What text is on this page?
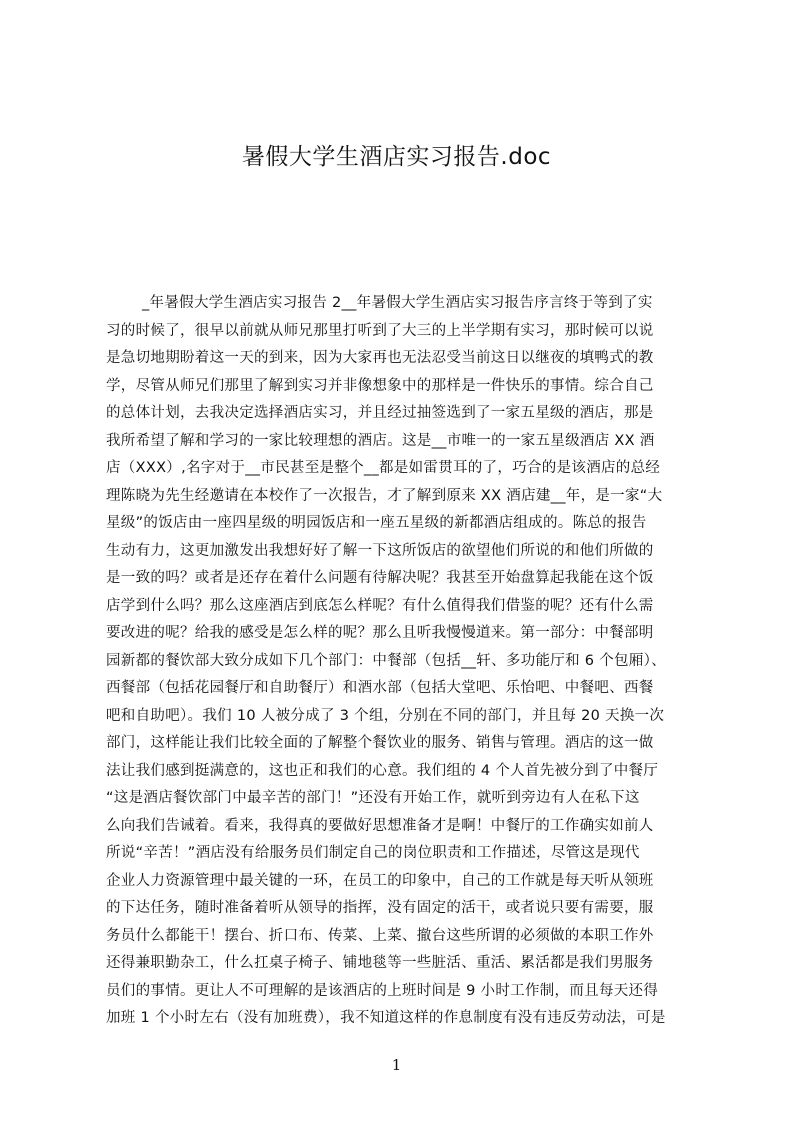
暑假大学生酒店实习报告.doc
_年暑假大学生酒店实习报告 2__年暑假大学生酒店实习报告序言终于等到了实
习的时候了，很早以前就从师兄那里打听到了大三的上半学期有实习，那时候可以说
是急切地期盼着这一天的到来，因为大家再也无法忍受当前这日以继夜的填鸭式的教
学，尽管从师兄们那里了解到实习并非像想象中的那样是一件快乐的事情。综合自己
的总体计划，去我决定选择酒店实习，并且经过抽签选到了一家五星级的酒店，那是
我所希望了解和学习的一家比较理想的酒店。这是__市唯一的一家五星级酒店 XX 酒
店（XXX）,名字对于__市民甚至是整个__都是如雷贯耳的了，巧合的是该酒店的总经
理陈晓为先生经邀请在本校作了一次报告，才了解到原来 XX 酒店建__年，是一家“大
星级”的饭店由一座四星级的明园饭店和一座五星级的新都酒店组成的。陈总的报告
生动有力，这更加激发出我想好好了解一下这所饭店的欲望他们所说的和他们所做的
是一致的吗？或者是还存在着什么问题有待解决呢？我甚至开始盘算起我能在这个饭
店学到什么吗？那么这座酒店到底怎么样呢？有什么值得我们借鉴的呢？还有什么需
要改进的呢？给我的感受是怎么样的呢？那么且听我慢慢道来。第一部分：中餐部明
园新都的餐饮部大致分成如下几个部门：中餐部（包括__轩、多功能厅和 6 个包厢）、
西餐部（包括花园餐厅和自助餐厅）和酒水部（包括大堂吧、乐怡吧、中餐吧、西餐
吧和自助吧）。我们 10 人被分成了 3 个组，分别在不同的部门，并且每 20 天换一次
部门，这样能让我们比较全面的了解整个餐饮业的服务、销售与管理。酒店的这一做
法让我们感到挺满意的，这也正和我们的心意。我们组的 4 个人首先被分到了中餐厅
“这是酒店餐饮部门中最辛苦的部门！”还没有开始工作，就听到旁边有人在私下这
么向我们告诫着。看来，我得真的要做好思想准备才是啊！中餐厅的工作确实如前人
所说“辛苦！”酒店没有给服务员们制定自己的岗位职责和工作描述，尽管这是现代
企业人力资源管理中最关键的一环，在员工的印象中，自己的工作就是每天听从领班
的下达任务，随时准备着听从领导的指挥，没有固定的活干，或者说只要有需要，服
务员什么都能干！摆台、折口布、传菜、上菜、撤台这些所谓的必须做的本职工作外
还得兼职勤杂工，什么扛桌子椅子、铺地毯等一些脏活、重活、累活都是我们男服务
员们的事情。更让人不可理解的是该酒店的上班时间是 9 小时工作制，而且每天还得
加班 1 个小时左右（没有加班费），我不知道这样的作息制度有没有违反劳动法，可是
1
